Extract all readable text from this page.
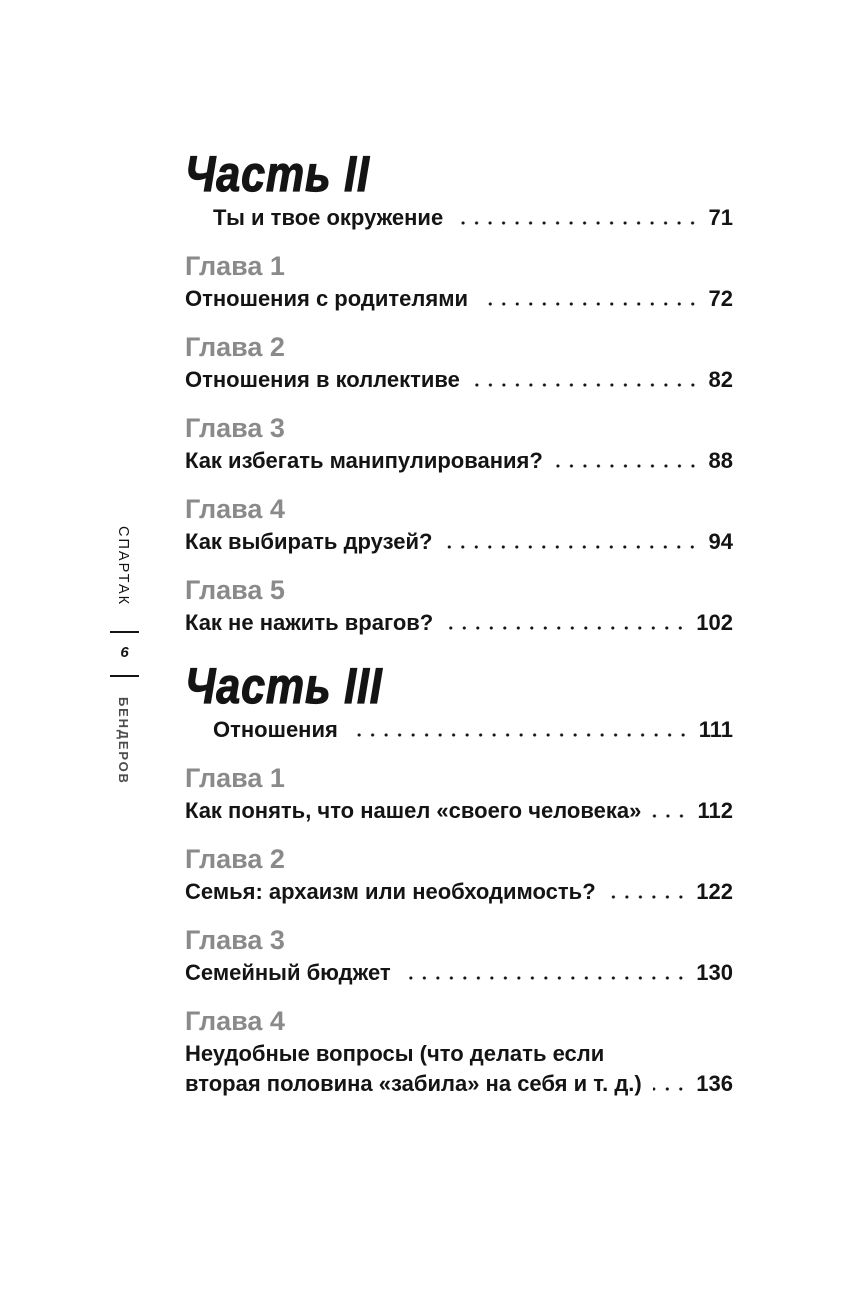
СПАРТАК
6
БЕНДЕРОВ
Часть II
Ты и твое окружение	71
Глава 1
Отношения с родителями	72
Глава 2
Отношения в коллективе	82
Глава 3
Как избегать манипулирования?	88
Глава 4
Как выбирать друзей?	94
Глава 5
Как не нажить врагов?	102
Часть III
Отношения	111
Глава 1
Как понять, что нашел «своего человека»	112
Глава 2
Семья: архаизм или необходимость?	122
Глава 3
Семейный бюджет	130
Глава 4
Неудобные вопросы (что делать если
вторая половина «забила» на себя и т. д.) 136
